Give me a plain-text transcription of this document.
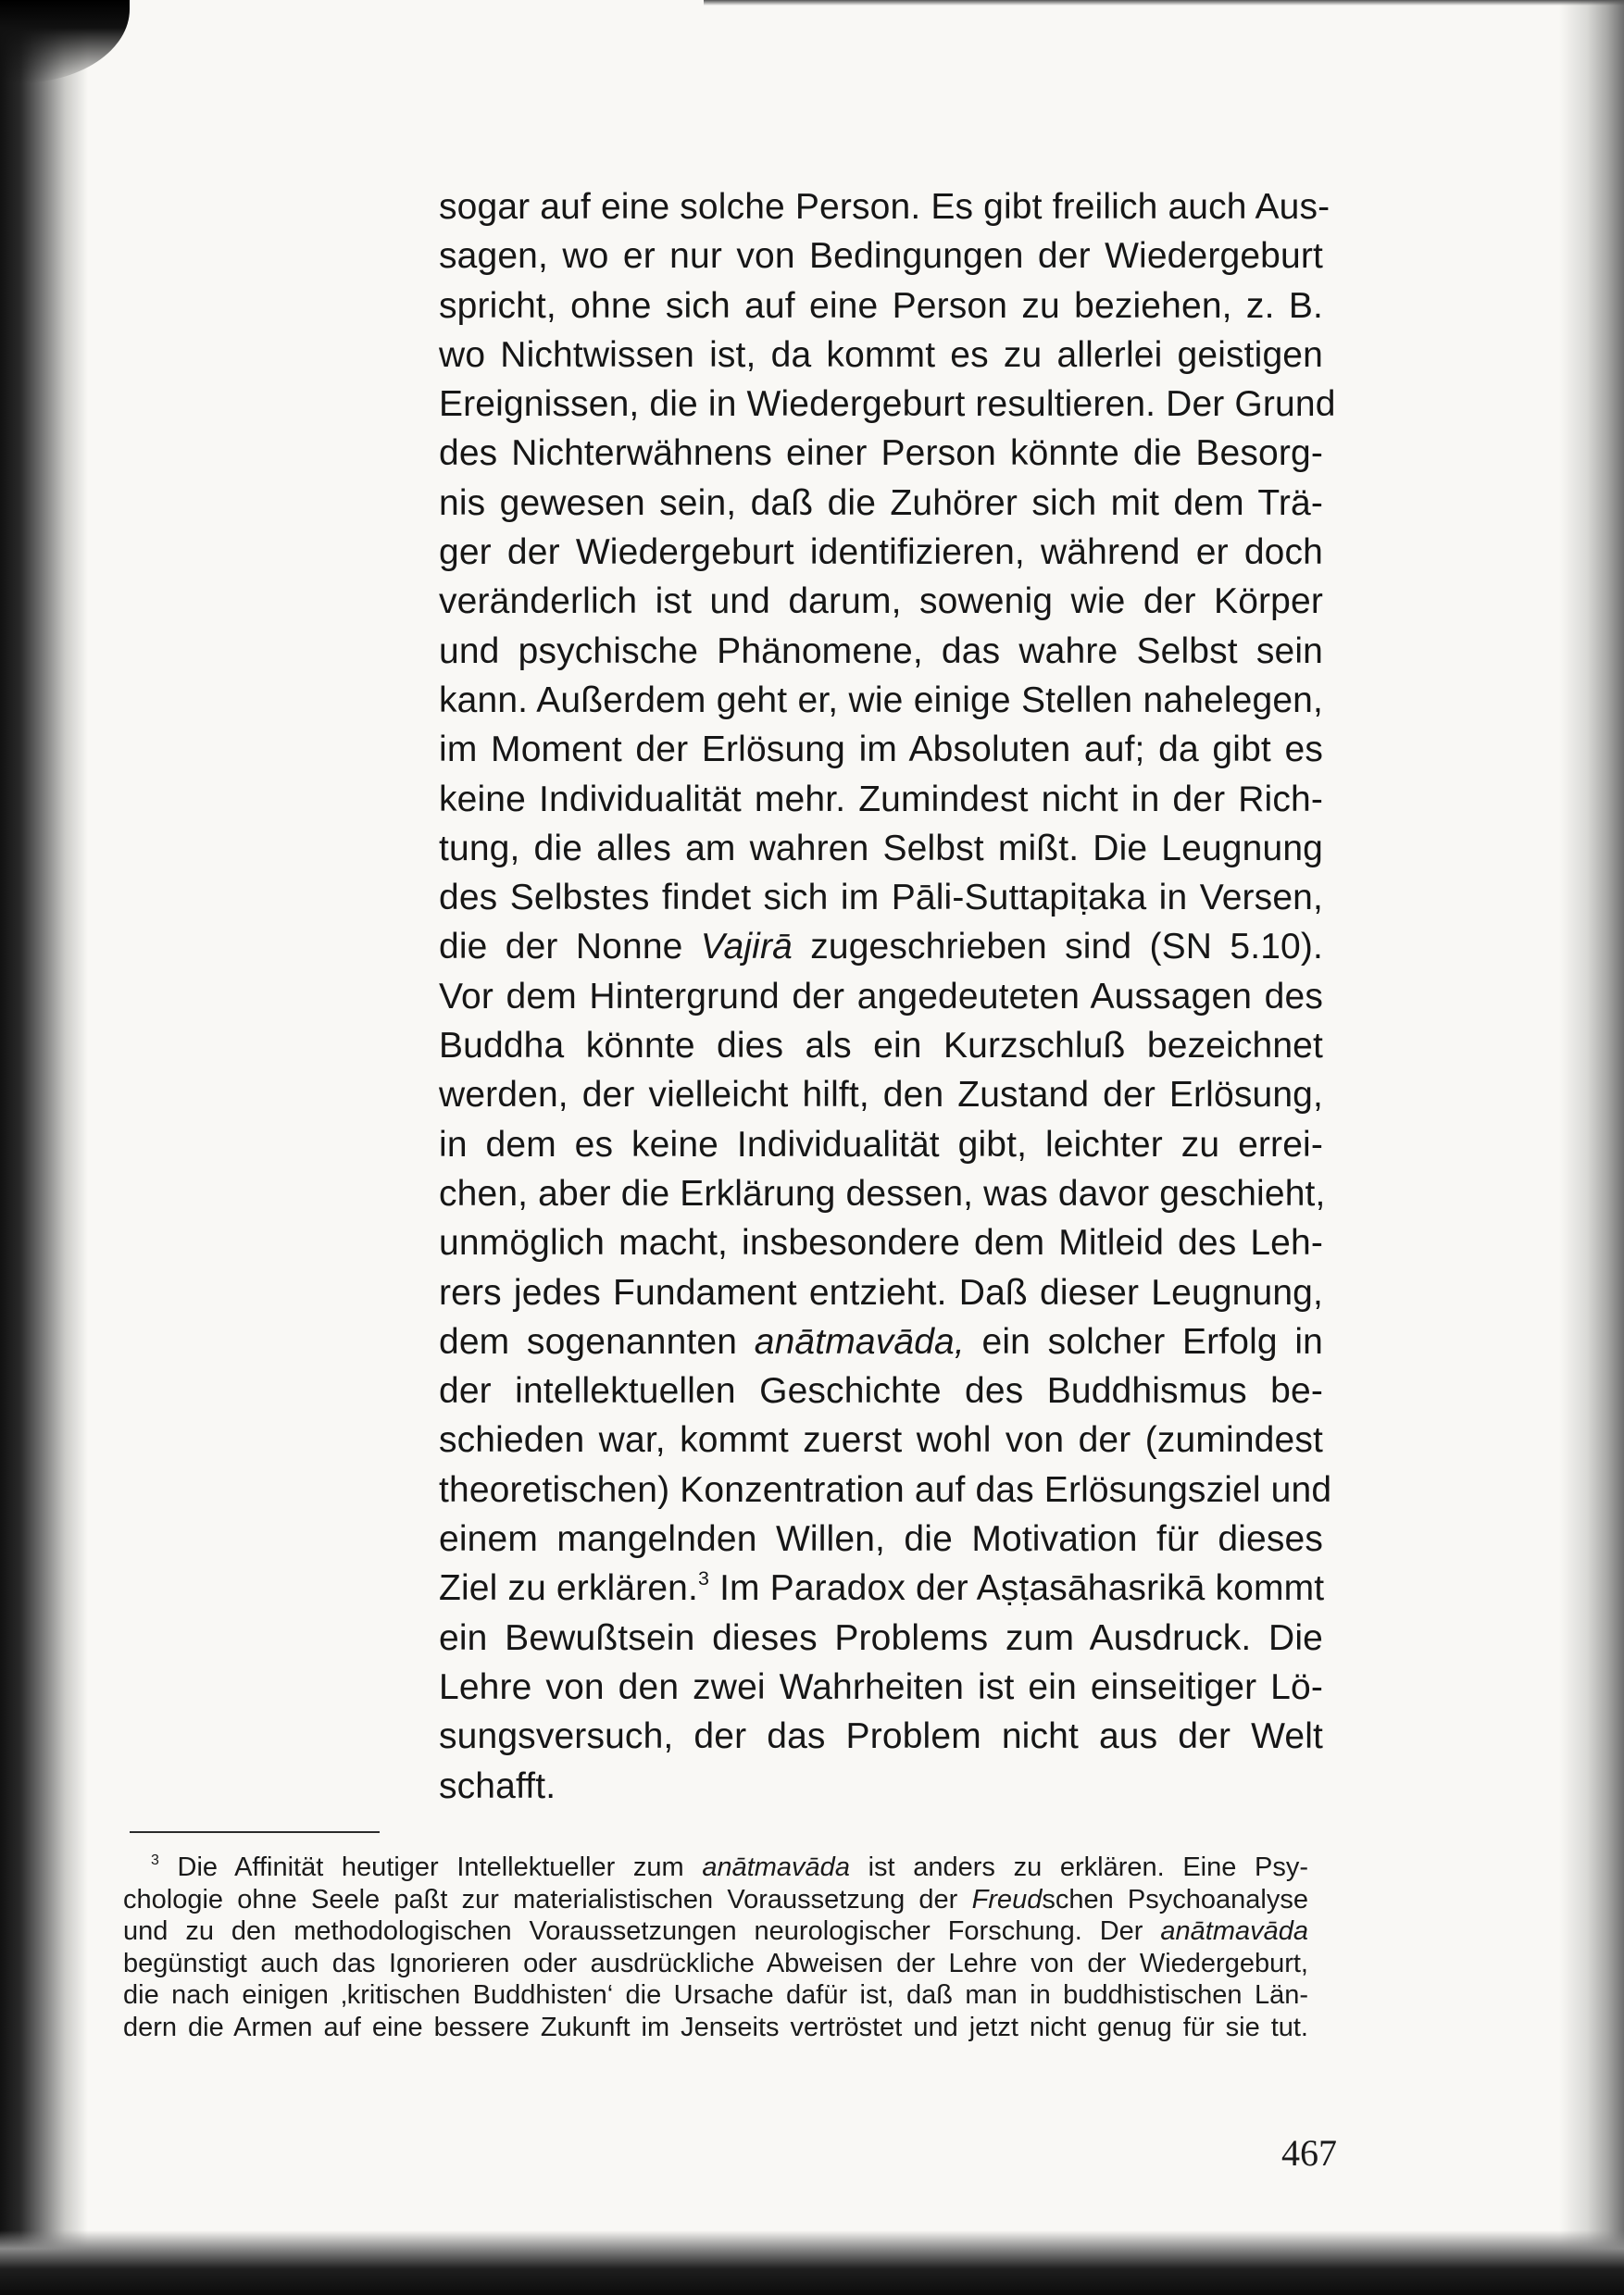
sogar auf eine solche Person. Es gibt freilich auch Aus-

sagen, wo er nur von Bedingungen der Wiedergeburt

spricht, ohne sich auf eine Person zu beziehen, z. B.

wo Nichtwissen ist, da kommt es zu allerlei geistigen

Ereignissen, die in Wiedergeburt resultieren. Der Grund

des Nichterwähnens einer Person könnte die Besorg-

nis gewesen sein, daß die Zuhörer sich mit dem Trä-

ger der Wiedergeburt identifizieren, während er doch

veränderlich ist und darum, sowenig wie der Körper

und psychische Phänomene, das wahre Selbst sein

kann. Außerdem geht er, wie einige Stellen nahelegen,

im Moment der Erlösung im Absoluten auf; da gibt es

keine Individualität mehr. Zumindest nicht in der Rich-

tung, die alles am wahren Selbst mißt. Die Leugnung

des Selbstes findet sich im Pāli-Suttapiṭaka in Versen,

die der Nonne Vajirā zugeschrieben sind (SN 5.10).

Vor dem Hintergrund der angedeuteten Aussagen des

Buddha könnte dies als ein Kurzschluß bezeichnet

werden, der vielleicht hilft, den Zustand der Erlösung,

in dem es keine Individualität gibt, leichter zu errei-

chen, aber die Erklärung dessen, was davor geschieht,

unmöglich macht, insbesondere dem Mitleid des Leh-

rers jedes Fundament entzieht. Daß dieser Leugnung,

dem sogenannten anātmavāda, ein solcher Erfolg in

der intellektuellen Geschichte des Buddhismus be-

schieden war, kommt zuerst wohl von der (zumindest

theoretischen) Konzentration auf das Erlösungsziel und

einem mangelnden Willen, die Motivation für dieses

Ziel zu erklären.$^3$ Im Paradox der Aṣṭasāhasrikā kommt

ein Bewußtsein dieses Problems zum Ausdruck. Die

Lehre von den zwei Wahrheiten ist ein einseitiger Lö-

sungsversuch, der das Problem nicht aus der Welt

schafft.

$^3$ Die Affinität heutiger Intellektueller zum anātmavāda ist anders zu erklären. Eine Psy-

chologie ohne Seele paßt zur materialistischen Voraussetzung der Freudschen Psychoanalyse

und zu den methodologischen Voraussetzungen neurologischer Forschung. Der anātmavāda

begünstigt auch das Ignorieren oder ausdrückliche Abweisen der Lehre von der Wiedergeburt,

die nach einigen ‚kritischen Buddhisten‘ die Ursache dafür ist, daß man in buddhistischen Län-

dern die Armen auf eine bessere Zukunft im Jenseits vertröstet und jetzt nicht genug für sie tut.

467
